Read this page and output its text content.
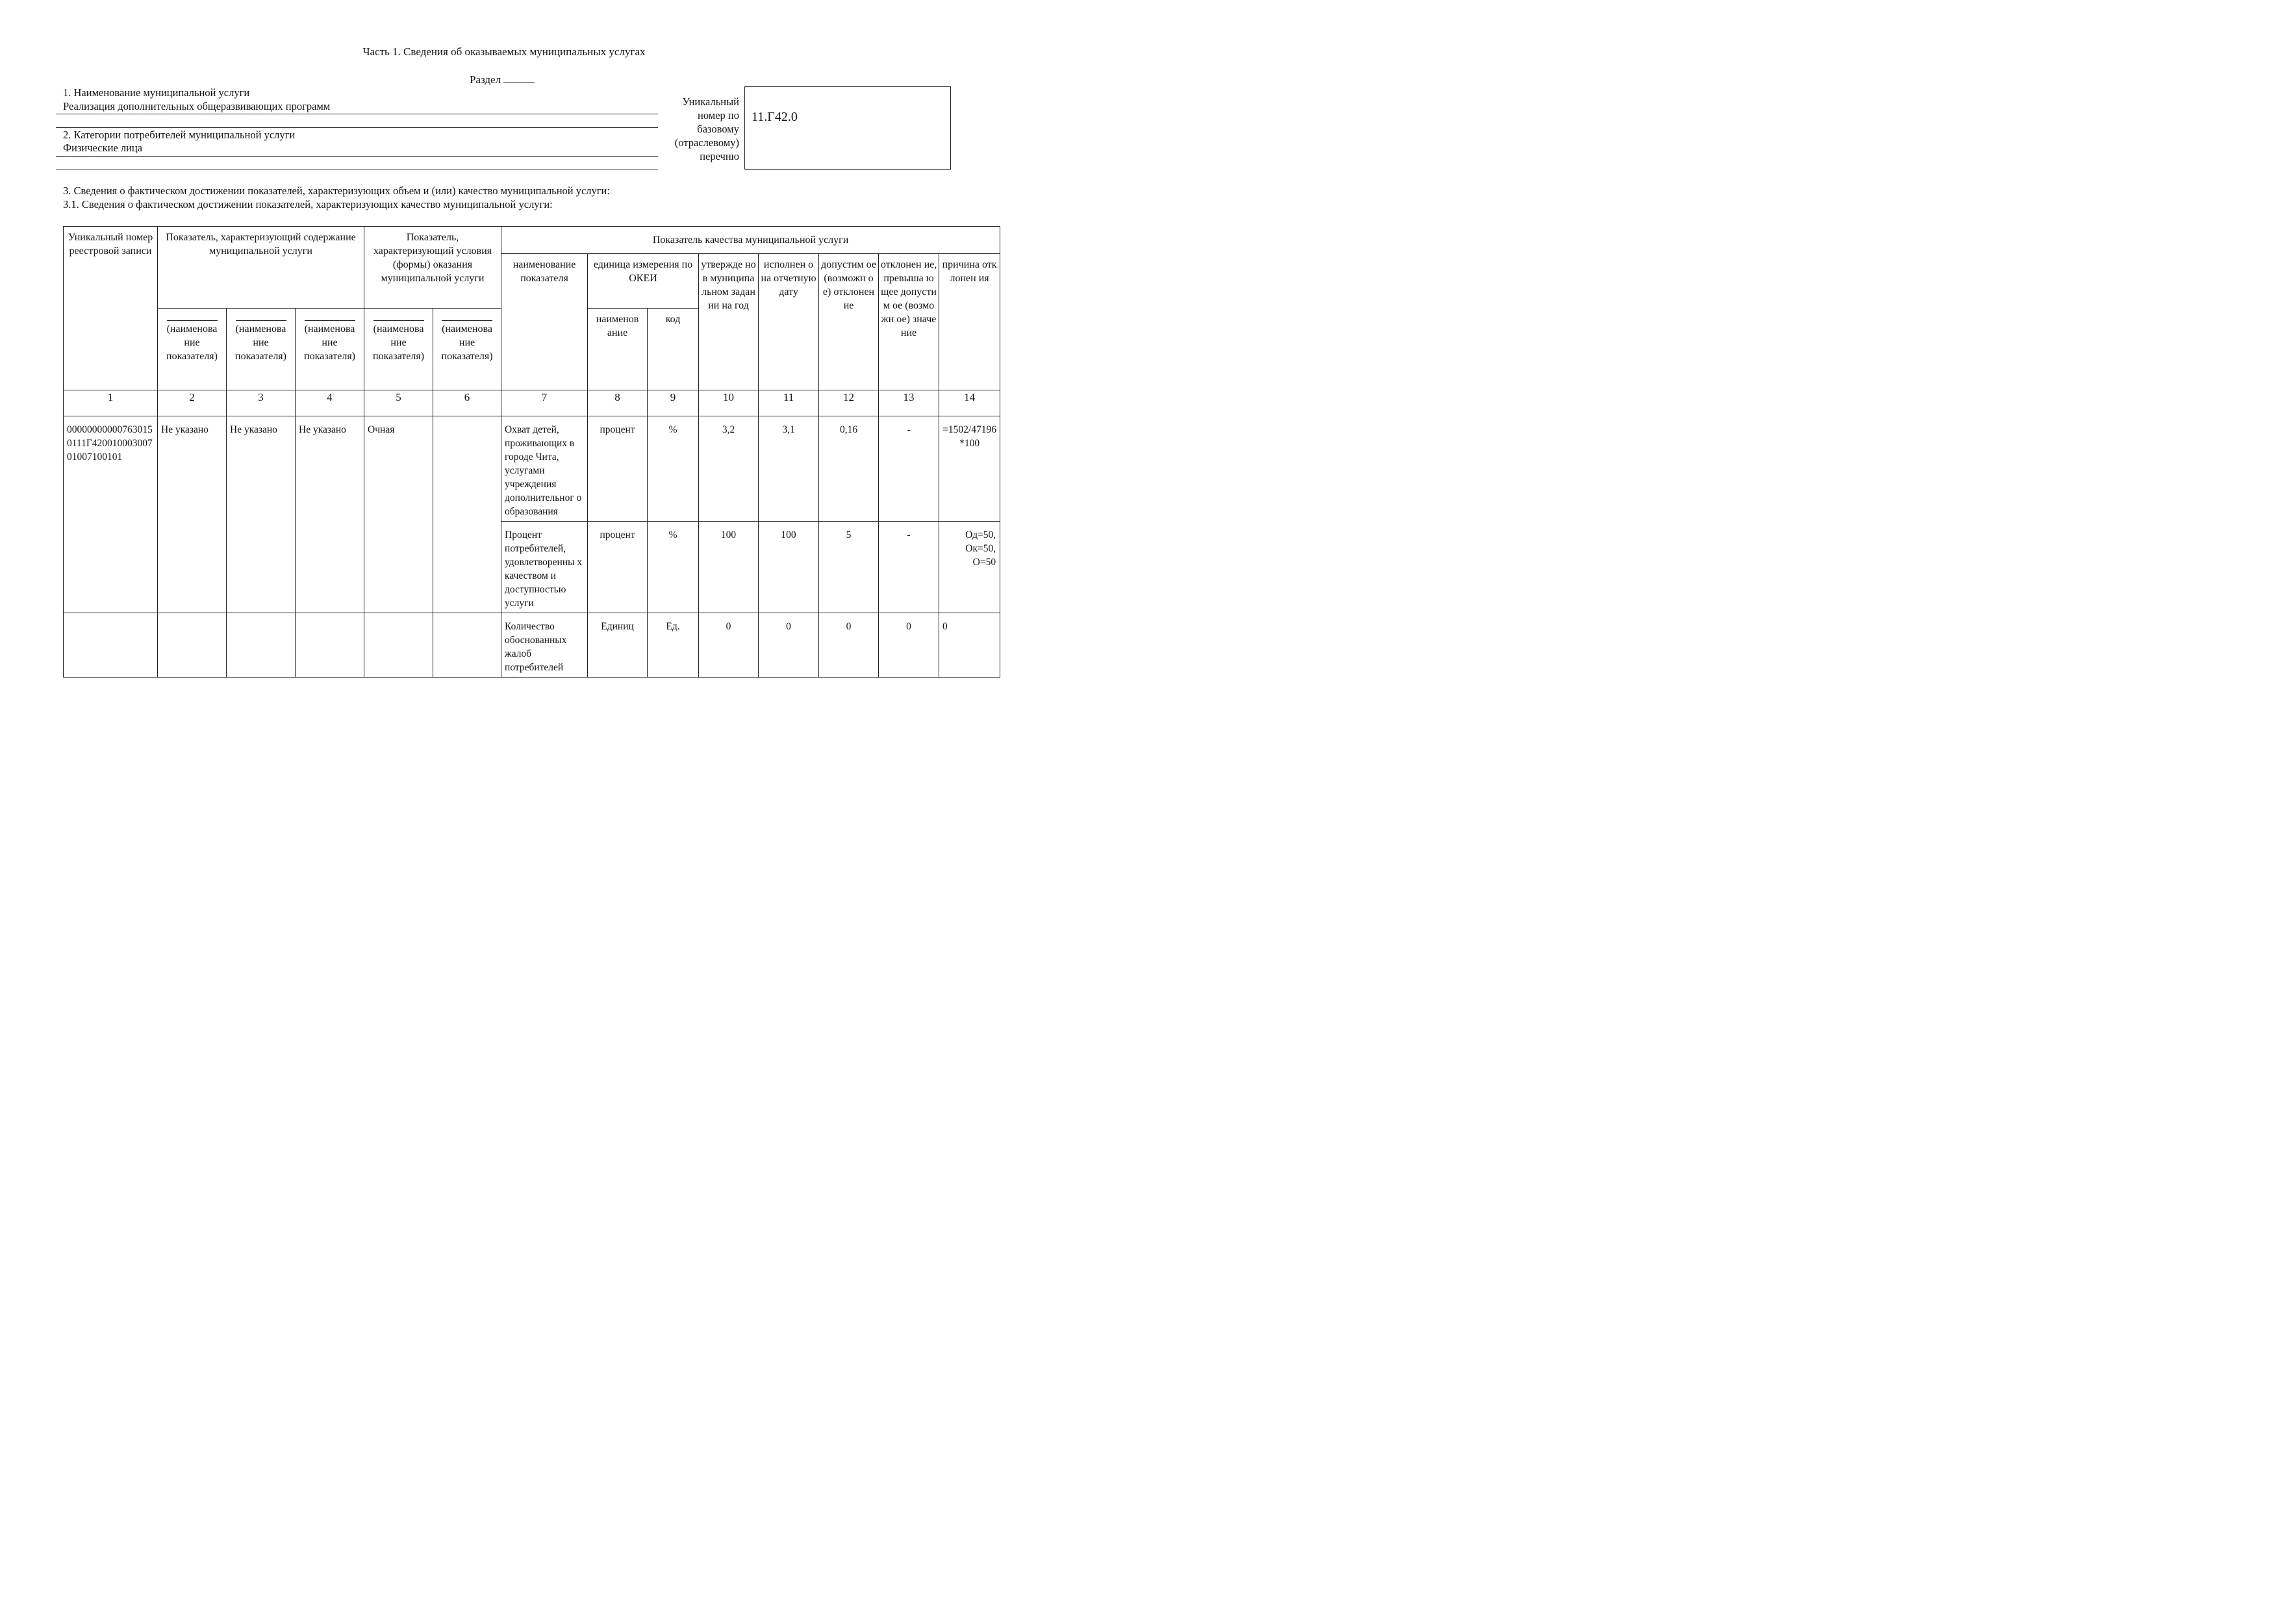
Часть 1. Сведения об оказываемых муниципальных услугах
Раздел
1. Наименование муниципальной услуги
Реализация дополнительных общеразвивающих программ
2. Категории потребителей муниципальной услуги
Физические лица
Уникальный
номер по
базовому
(отраслевому)
перечню
11.Г42.0
3. Сведения о фактическом достижении показателей, характеризующих объем и (или) качество муниципальной услуги:
3.1. Сведения о фактическом достижении показателей, характеризующих качество муниципальной услуги:
Уникальный номер реестровой записи	Показатель, характеризующий содержание муниципальной услуги			Показатель, характеризующий условия (формы) оказания муниципальной услуги		Показатель качества муниципальной услуги							
						наименование показателя	единица измерения по ОКЕИ		утвержде но в муниципа льном задании на год	исполнен о на отчетную дату	допустим ое (возможн ое) отклонен ие	отклонен ие, превыша ющее допустим ое (возможн ое) значение	причина отклонен ия

(наименова ние показателя)	(наименова ние показателя)	(наименова ние показателя)	(наименова ние показателя)	(наименова ние показателя)		наименов ание	код					
1	2	3	4	5	6	7	8	9	10	11	12	13	14
000000000007630150111Г42001000300701007100101	Не указано	Не указано	Не указано	Очная		Охват детей, проживающих в городе Чита, услугами учреждения дополнительног о образования	процент	%	3,2	3,1	0,16	-	=1502/47196*100
						Процент потребителей, удовлетворенны х качеством и доступностью услуги	процент	%	100	100	5	-	Од=50, Ок=50, О=50
						Количество обоснованных жалоб потребителей	Единиц	Ед.	0	0	0	0	0
